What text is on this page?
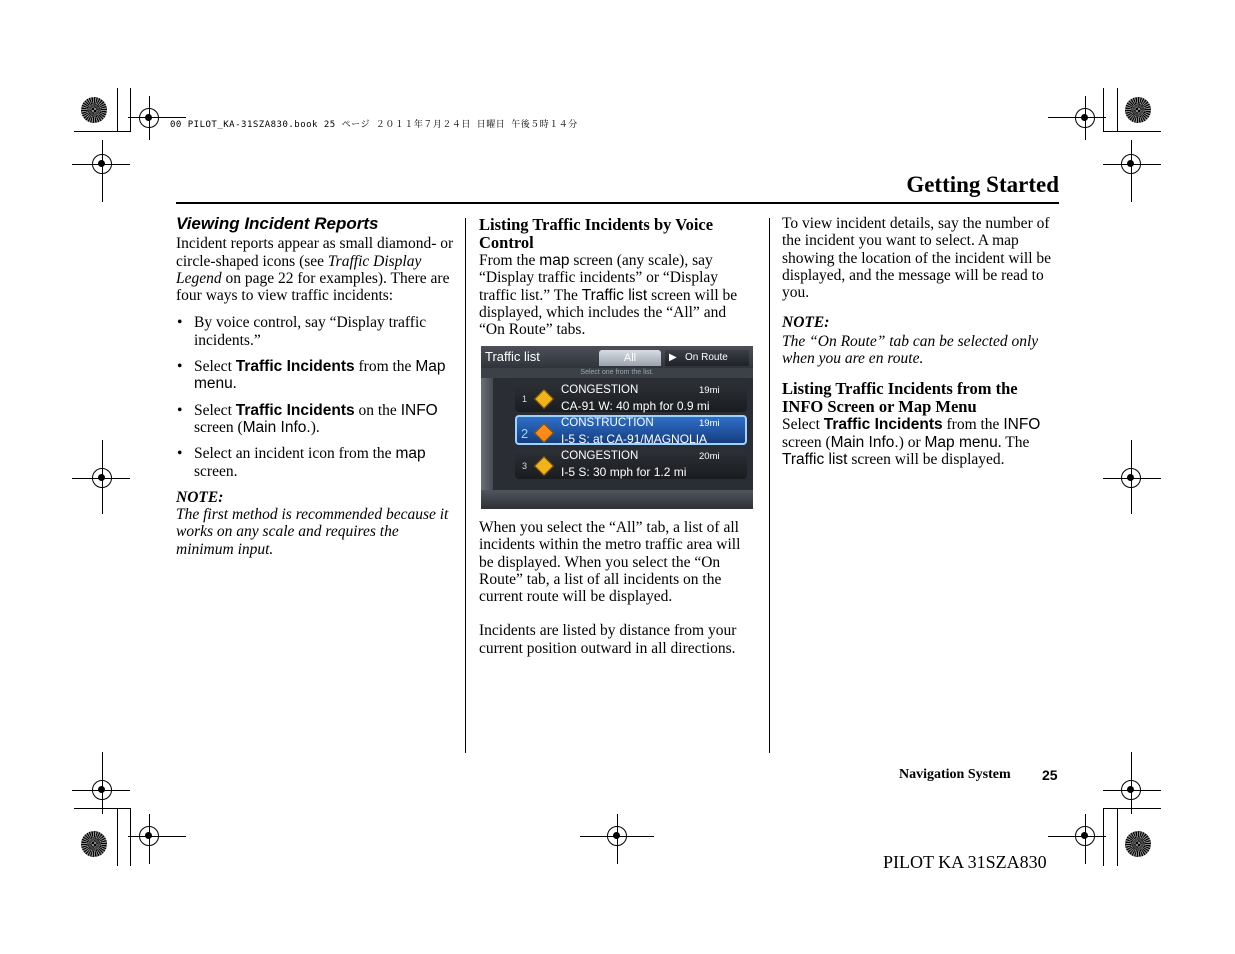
00 PILOT_KA-31SZA830.book 25 ページ ２０１１年７月２４日 日曜日 午後５時１４分
Getting Started

Viewing Incident Reports

Incident reports appear as small diamond- or circle-shaped icons (see Traffic Display Legend on page 22 for examples). There are four ways to view traffic incidents:

• By voice control, say “Display traffic incidents.”
• Select Traffic Incidents from the Map menu.
• Select Traffic Incidents on the INFO screen (Main Info.).
• Select an incident icon from the map screen.

NOTE:

The first method is recommended because it works on any scale and requires the minimum input.

Listing Traffic Incidents by Voice Control

From the map screen (any scale), say “Display traffic incidents” or “Display traffic list.” The Traffic list screen will be displayed, which includes the “All” and “On Route” tabs.

Traffic list	All	▶ On Route
Select one from the list.
1
CONGESTION
CA-91 W: 40 mph for 0.9 mi
19mi
2
CONSTRUCTION
I-5 S: at CA-91/MAGNOLIA
19mi
3
CONGESTION
I-5 S: 30 mph for 1.2 mi
20mi

When you select the “All” tab, a list of all incidents within the metro traffic area will be displayed. When you select the “On Route” tab, a list of all incidents on the current route will be displayed.

Incidents are listed by distance from your current position outward in all directions.

To view incident details, say the number of the incident you want to select. A map showing the location of the incident will be displayed, and the message will be read to you.

NOTE:

The “On Route” tab can be selected only when you are en route.

Listing Traffic Incidents from the INFO Screen or Map Menu

Select Traffic Incidents from the INFO screen (Main Info.) or Map menu. The Traffic list screen will be displayed.

Navigation System 25
PILOT KA 31SZA830
